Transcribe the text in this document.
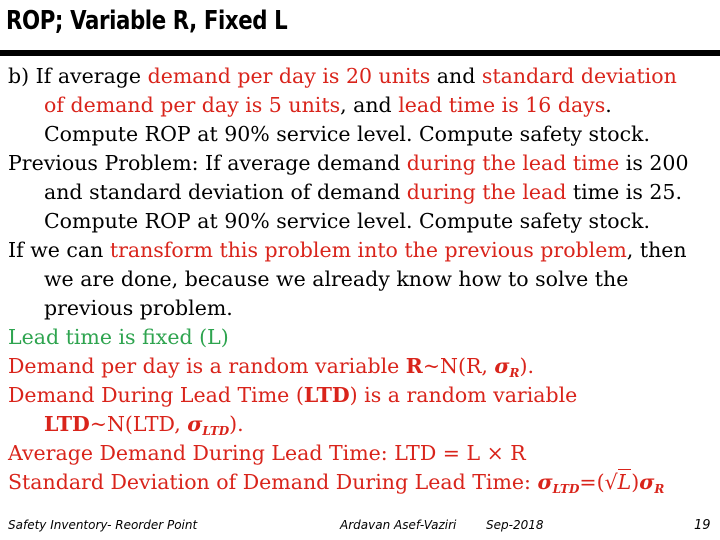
ROP; Variable R, Fixed L
b) If average demand per day is 20 units and standard deviation
of demand per day is 5 units, and lead time is 16 days.
Compute ROP at 90% service level. Compute safety stock.
Previous Problem: If average demand during the lead time is 200
and standard deviation of demand during the lead time is 25.
Compute ROP at 90% service level. Compute safety stock.
If we can transform this problem into the previous problem, then
we are done, because we already know how to solve the
previous problem.
Lead time is fixed (L)
Demand per day is a random variable R~N(R, $\sigma_R$).
Demand During Lead Time (LTD) is a random variable
LTD~N(LTD, $\sigma_{LTD}$).
Average Demand During Lead Time: LTD = L × R
Standard Deviation of Demand During Lead Time: $\sigma_{LTD}=(√L)\sigma_R$
Safety Inventory- Reorder Point	Ardavan Asef-Vaziri Sep-2018	19
